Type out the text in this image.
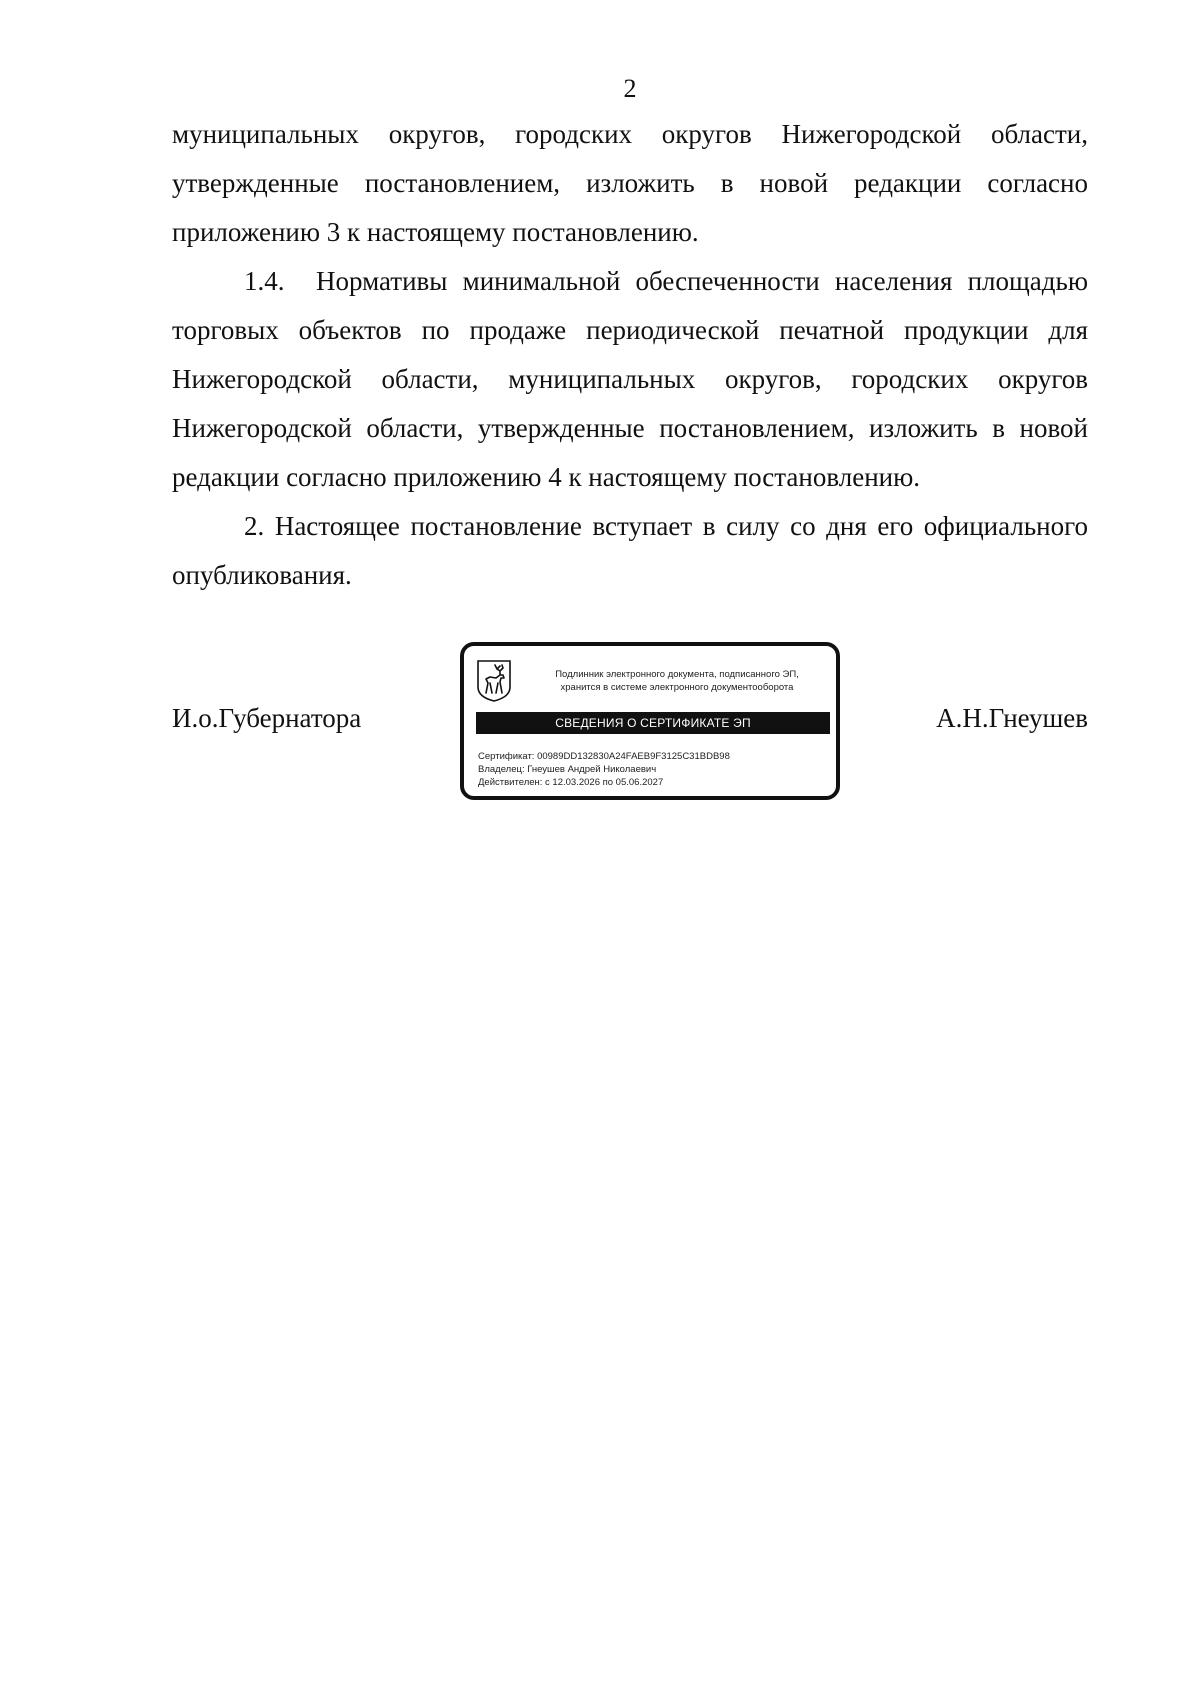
2

муниципальных округов, городских округов Нижегородской области, утвержденные постановлением, изложить в новой редакции согласно приложению 3 к настоящему постановлению.

1.4. Нормативы минимальной обеспеченности населения площадью торговых объектов по продаже периодической печатной продукции для Нижегородской области, муниципальных округов, городских округов Нижегородской области, утвержденные постановлением, изложить в новой редакции согласно приложению 4 к настоящему постановлению.

2. Настоящее постановление вступает в силу со дня его официального опубликования.

И.о.Губернатора	А.Н.Гнеушев
Подлинник электронного документа, подписанного ЭП,
хранится в системе электронного документооборота
СВЕДЕНИЯ О СЕРТИФИКАТЕ ЭП
Сертификат: 00989DD132830A24FAEB9F3125C31BDB98
Владелец: Гнеушев Андрей Николаевич
Действителен: с 12.03.2026 по 05.06.2027
